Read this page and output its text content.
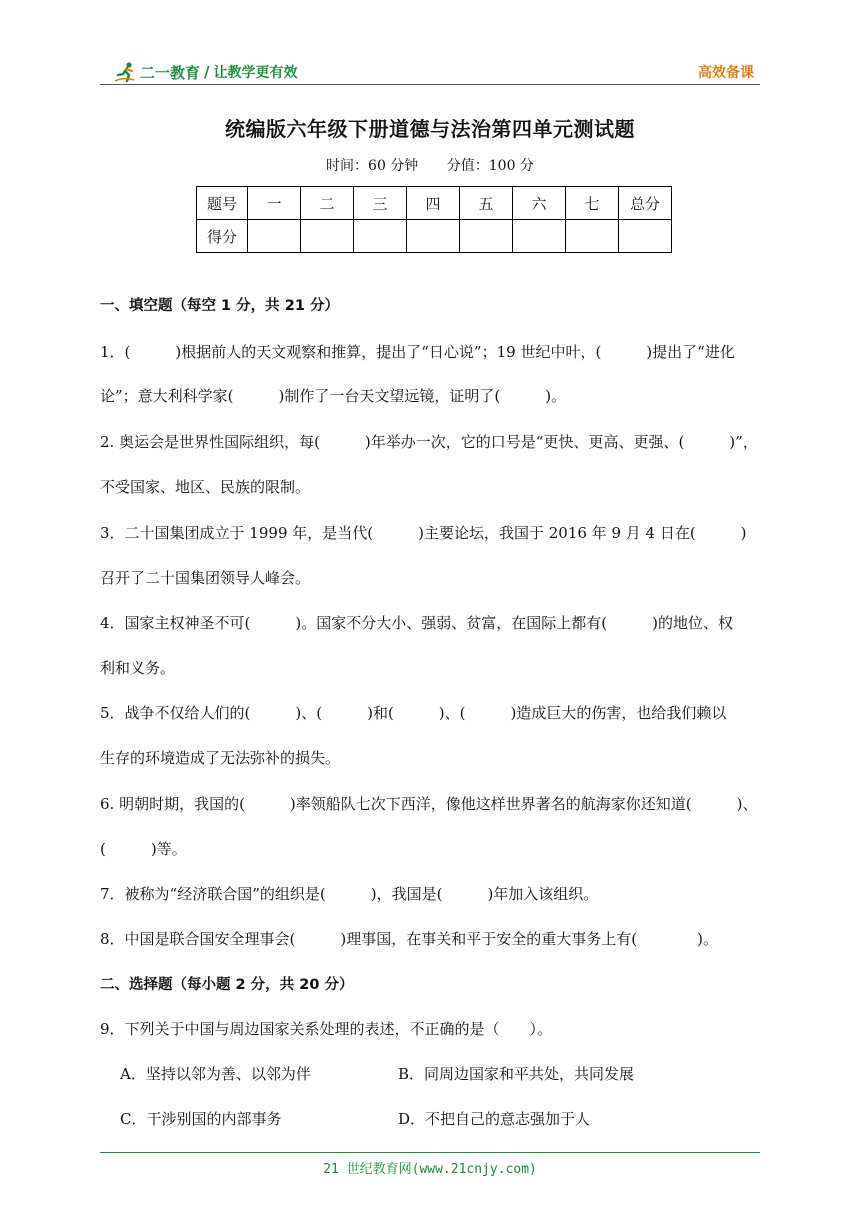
二一教育 / 让教学更有效	高效备课
统编版六年级下册道德与法治第四单元测试题
时间：60 分钟 分值：100 分
题号	一	二	三	四	五	六	七	总分
得分								
一、填空题（每空 1 分，共 21 分）
1．(　　　)根据前人的天文观察和推算，提出了“日心说”；19 世纪中叶，(　　　)提出了“进化
论”；意大利科学家(　　　)制作了一台天文望远镜，证明了(　　　)。
2. 奥运会是世界性国际组织，每(　　　)年举办一次，它的口号是“更快、更高、更强、(　　　)”，
不受国家、地区、民族的限制。
3．二十国集团成立于 1999 年，是当代(　　　)主要论坛，我国于 2016 年 9 月 4 日在(　　　)
召开了二十国集团领导人峰会。
4．国家主权神圣不可(　　　)。国家不分大小、强弱、贫富，在国际上都有(　　　)的地位、权
利和义务。
5．战争不仅给人们的(　　　)、(　　　)和(　　　)、(　　　)造成巨大的伤害，也给我们赖以
生存的环境造成了无法弥补的损失。
6. 明朝时期，我国的(　　　)率领船队七次下西洋，像他这样世界著名的航海家你还知道(　　　)、
(　　　)等。
7．被称为“经济联合国”的组织是(　　　)，我国是(　　　)年加入该组织。
8．中国是联合国安全理事会(　　　)理事国，在事关和平于安全的重大事务上有(　　　　)。
二、选择题（每小题 2 分，共 20 分）
9．下列关于中国与周边国家关系处理的表述，不正确的是（　　）。
A．坚持以邻为善、以邻为伴	B．同周边国家和平共处，共同发展
C．干涉别国的内部事务	D．不把自己的意志强加于人
21 世纪教育网(www.21cnjy.com)
